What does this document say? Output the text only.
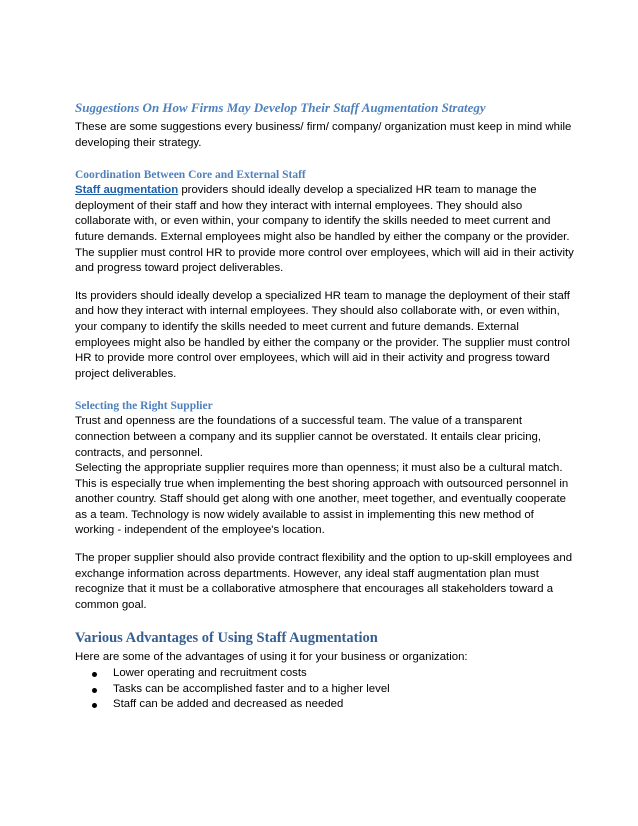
Suggestions On How Firms May Develop Their Staff Augmentation Strategy

These are some suggestions every business/ firm/ company/ organization must keep in mind while developing their strategy.

Coordination Between Core and External Staff

Staff augmentation providers should ideally develop a specialized HR team to manage the deployment of their staff and how they interact with internal employees. They should also collaborate with, or even within, your company to identify the skills needed to meet current and future demands. External employees might also be handled by either the company or the provider. The supplier must control HR to provide more control over employees, which will aid in their activity and progress toward project deliverables.

Its providers should ideally develop a specialized HR team to manage the deployment of their staff and how they interact with internal employees. They should also collaborate with, or even within, your company to identify the skills needed to meet current and future demands. External employees might also be handled by either the company or the provider. The supplier must control HR to provide more control over employees, which will aid in their activity and progress toward project deliverables.

Selecting the Right Supplier

Trust and openness are the foundations of a successful team. The value of a transparent connection between a company and its supplier cannot be overstated. It entails clear pricing, contracts, and personnel.

Selecting the appropriate supplier requires more than openness; it must also be a cultural match. This is especially true when implementing the best shoring approach with outsourced personnel in another country. Staff should get along with one another, meet together, and eventually cooperate as a team. Technology is now widely available to assist in implementing this new method of working - independent of the employee's location.

The proper supplier should also provide contract flexibility and the option to up-skill employees and exchange information across departments. However, any ideal staff augmentation plan must recognize that it must be a collaborative atmosphere that encourages all stakeholders toward a common goal.

Various Advantages of Using Staff Augmentation

Here are some of the advantages of using it for your business or organization:

Lower operating and recruitment costs
Tasks can be accomplished faster and to a higher level
Staff can be added and decreased as needed
